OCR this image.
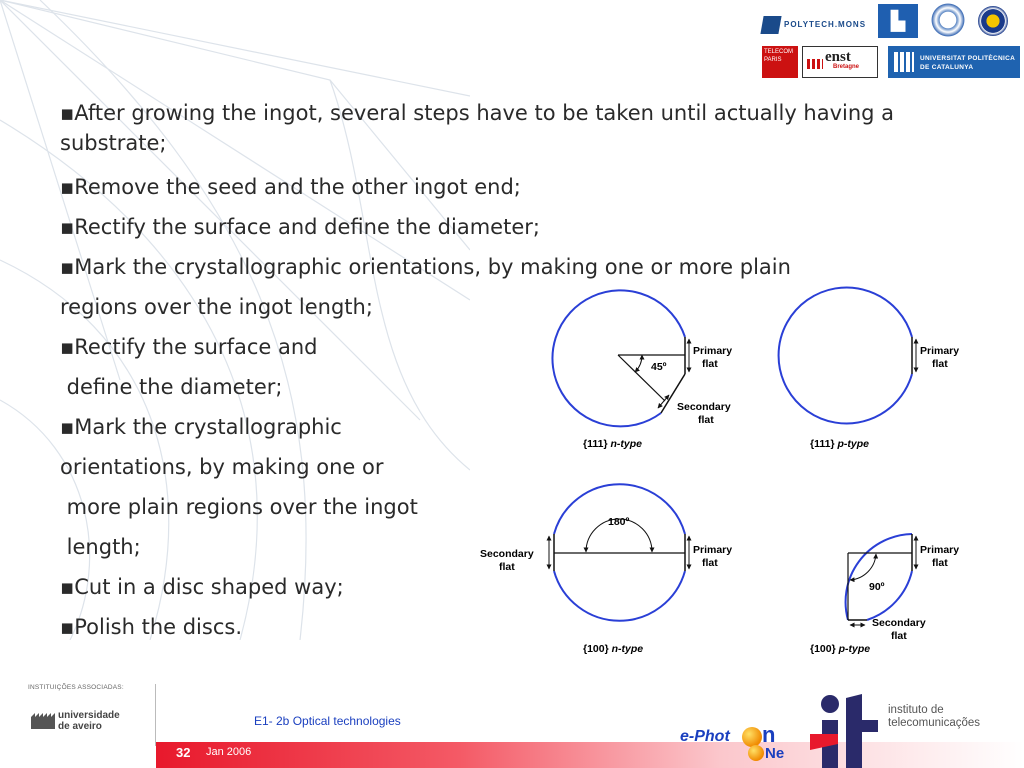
POLYTECH.MONS	▙
TELECOM PARIS	enst
Bretagne
UNIVERSITAT POLITÈCNICA DE CATALUNYA
▪After growing the ingot, several steps have to be taken until actually having a substrate;
▪Remove the seed and the other ingot end;
▪Rectify the surface and define the diameter;
▪Mark the crystallographic orientations, by making one or more plain
regions over the ingot length;
▪Rectify the surface and
define the diameter;
▪Mark the crystallographic
orientations, by making one or
more plain regions over the ingot
length;
▪Cut in a disc shaped way;
▪Polish the discs.
45º
Primary
flat
Secondary
flat
{111} n-type
Primary
flat
{111} p-type
180º
Primary
flat
Secondary
flat
{100} n-type
90º
Primary
flat
Secondary
flat
{100} p-type
INSTITUIÇÕES ASSOCIADAS:
universidade
de aveiro	E1- 2b Optical technologies
32 Jan 2006
e-Phot n
Ne
instituto de
telecomunicações
